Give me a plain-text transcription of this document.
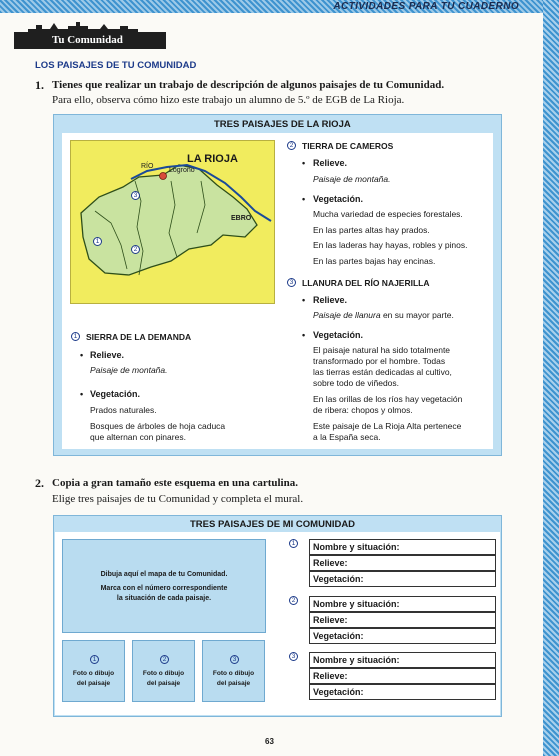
ACTIVIDADES PARA TU CUADERNO
Tu Comunidad
LOS PAISAJES DE TU COMUNIDAD
1. Tienes que realizar un trabajo de descripción de algunos paisajes de tu Comunidad.
Para ello, observa cómo hizo este trabajo un alumno de 5.º de EGB de La Rioja.
TRES PAISAJES DE LA RIOJA
LA RIOJA
RÍO
Logroño
EBRO
3
1
2
1	SIERRA DE LA DEMANDA
• Relieve.
Paisaje de montaña.
• Vegetación.
Prados naturales.
Bosques de árboles de hoja caduca
que alternan con pinares.
2	TIERRA DE CAMEROS
• Relieve.
Paisaje de montaña.
• Vegetación.
Mucha variedad de especies forestales.
En las partes altas hay prados.
En las laderas hay hayas, robles y pinos.
En las partes bajas hay encinas.
3	LLANURA DEL RÍO NAJERILLA
• Relieve.
Paisaje de llanura en su mayor parte.
• Vegetación.
El paisaje natural ha sido totalmente
transformado por el hombre. Todas
las tierras están dedicadas al cultivo,
sobre todo de viñedos.
En las orillas de los ríos hay vegetación
de ribera: chopos y olmos.
Este paisaje de La Rioja Alta pertenece
a la España seca.
2. Copia a gran tamaño este esquema en una cartulina.
Elige tres paisajes de tu Comunidad y completa el mural.
TRES PAISAJES DE MI COMUNIDAD
Dibuja aquí el mapa de tu Comunidad.
Marca con el número correspondiente
la situación de cada paisaje.
1
Foto o dibujo
del paisaje
2
Foto o dibujo
del paisaje
3
Foto o dibujo
del paisaje
1	Nombre y situación:
Relieve:
Vegetación:
2	Nombre y situación:
Relieve:
Vegetación:
3	Nombre y situación:
Relieve:
Vegetación:
63
